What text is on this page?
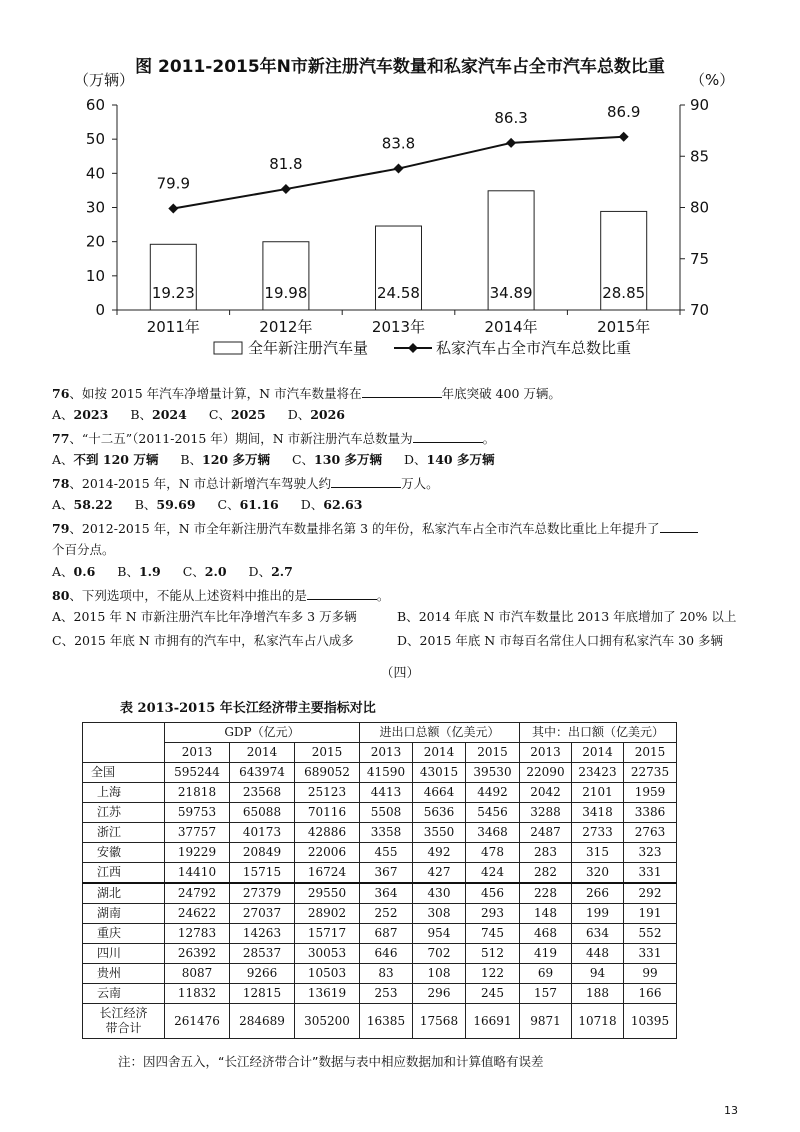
图 2011-2015年N市新注册汽车数量和私家汽车占全市汽车总数比重
0
10
20
30
40
50
60
70
75
80
85
90
（万辆）	（%）
2011年	2012年	2013年	2014年	2015年
19.23	19.98	24.58	34.89	28.85
79.9
81.8
83.8
86.3	86.9
全年新注册汽车量	私家汽车占全市汽车总数比重
76、如按 2015 年汽车净增量计算，N 市汽车数量将在	年底突破 400 万辆。
A、2023 B、2024 C、2025 D、2026
77、“十二五”（2011-2015 年）期间，N 市新注册汽车总数量为	。
A、不到 120 万辆 B、120 多万辆 C、130 多万辆 D、140 多万辆
78、2014-2015 年，N 市总计新增汽车驾驶人约	万人。
A、58.22 B、59.69 C、61.16 D、62.63
79、2012-2015 年，N 市全年新注册汽车数量排名第 3 的年份，私家汽车占全市汽车总数比重比上年提升了
个百分点。
A、0.6 B、1.9 C、2.0 D、2.7
80、下列选项中，不能从上述资料中推出的是	。
A、2015 年 N 市新注册汽车比年净增汽车多 3 万多辆	B、2014 年底 N 市汽车数量比 2013 年底增加了 20% 以上
C、2015 年底 N 市拥有的汽车中，私家汽车占八成多	D、2015 年底 N 市每百名常住人口拥有私家汽车 30 多辆
（四）
表 2013-2015 年长江经济带主要指标对比
	GDP（亿元）			进出口总额（亿美元）			其中：出口额（亿美元）		
	2013	2014	2015	2013	2014	2015	2013	2014	2015
全国	595244	643974	689052	41590	43015	39530	22090	23423	22735
上海	21818	23568	25123	4413	4664	4492	2042	2101	1959
江苏	59753	65088	70116	5508	5636	5456	3288	3418	3386
浙江	37757	40173	42886	3358	3550	3468	2487	2733	2763
安徽	19229	20849	22006	455	492	478	283	315	323
江西	14410	15715	16724	367	427	424	282	320	331
湖北	24792	27379	29550	364	430	456	228	266	292
湖南	24622	27037	28902	252	308	293	148	199	191
重庆	12783	14263	15717	687	954	745	468	634	552
四川	26392	28537	30053	646	702	512	419	448	331
贵州	8087	9266	10503	83	108	122	69	94	99
云南	11832	12815	13619	253	296	245	157	188	166

长江经济
带合计	261476	284689	305200	16385	17568	16691	9871	10718	10395
注：因四舍五入，“长江经济带合计”数据与表中相应数据加和计算值略有误差
13
